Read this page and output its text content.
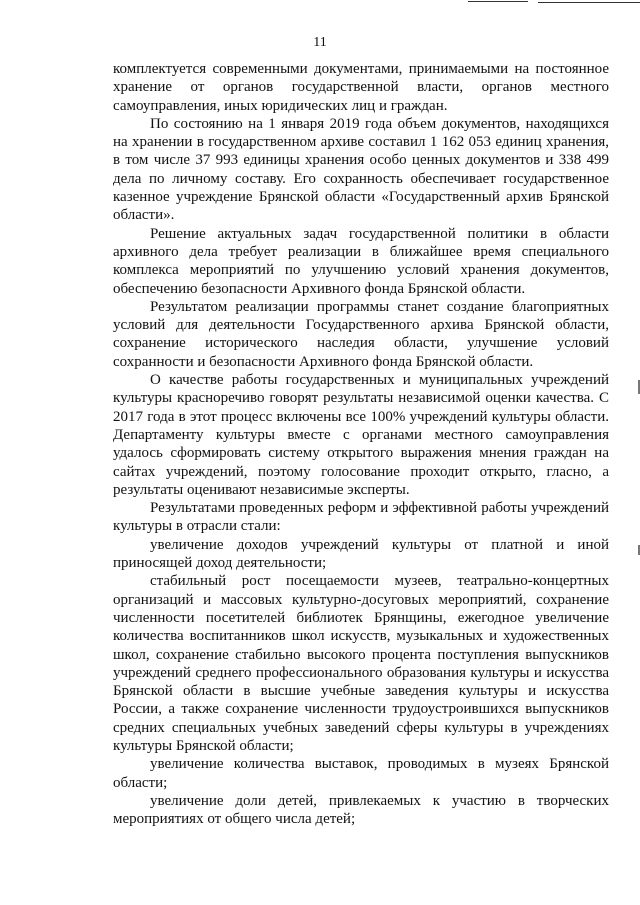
11

комплектуется современными документами, принимаемыми на постоянное хранение от органов государственной власти, органов местного самоуправления, иных юридических лиц и граждан.

По состоянию на 1 января 2019 года объем документов, находящихся на хранении в государственном архиве составил 1 162 053 единиц хранения, в том числе 37 993 единицы хранения особо ценных документов и 338 499 дела по личному составу. Его сохранность обеспечивает государственное казенное учреждение Брянской области «Государственный архив Брянской области».

Решение актуальных задач государственной политики в области архивного дела требует реализации в ближайшее время специального комплекса мероприятий по улучшению условий хранения документов, обеспечению безопасности Архивного фонда Брянской области.

Результатом реализации программы станет создание благоприятных условий для деятельности Государственного архива Брянской области, сохранение исторического наследия области, улучшение условий сохранности и безопасности Архивного фонда Брянской области.

О качестве работы государственных и муниципальных учреждений культуры красноречиво говорят результаты независимой оценки качества. С 2017 года в этот процесс включены все 100% учреждений культуры области. Департаменту культуры вместе с органами местного самоуправления удалось сформировать систему открытого выражения мнения граждан на сайтах учреждений, поэтому голосование проходит открыто, гласно, а результаты оценивают независимые эксперты.

Результатами проведенных реформ и эффективной работы учреждений культуры в отрасли стали:

увеличение доходов учреждений культуры от платной и иной приносящей доход деятельности;

стабильный рост посещаемости музеев, театрально-концертных организаций и массовых культурно-досуговых мероприятий, сохранение численности посетителей библиотек Брянщины, ежегодное увеличение количества воспитанников школ искусств, музыкальных и художественных школ, сохранение стабильно высокого процента поступления выпускников учреждений среднего профессионального образования культуры и искусства Брянской области в высшие учебные заведения культуры и искусства России, а также сохранение численности трудоустроившихся выпускников средних специальных учебных заведений сферы культуры в учреждениях культуры Брянской области;

увеличение количества выставок, проводимых в музеях Брянской области;

увеличение доли детей, привлекаемых к участию в творческих мероприятиях от общего числа детей;
